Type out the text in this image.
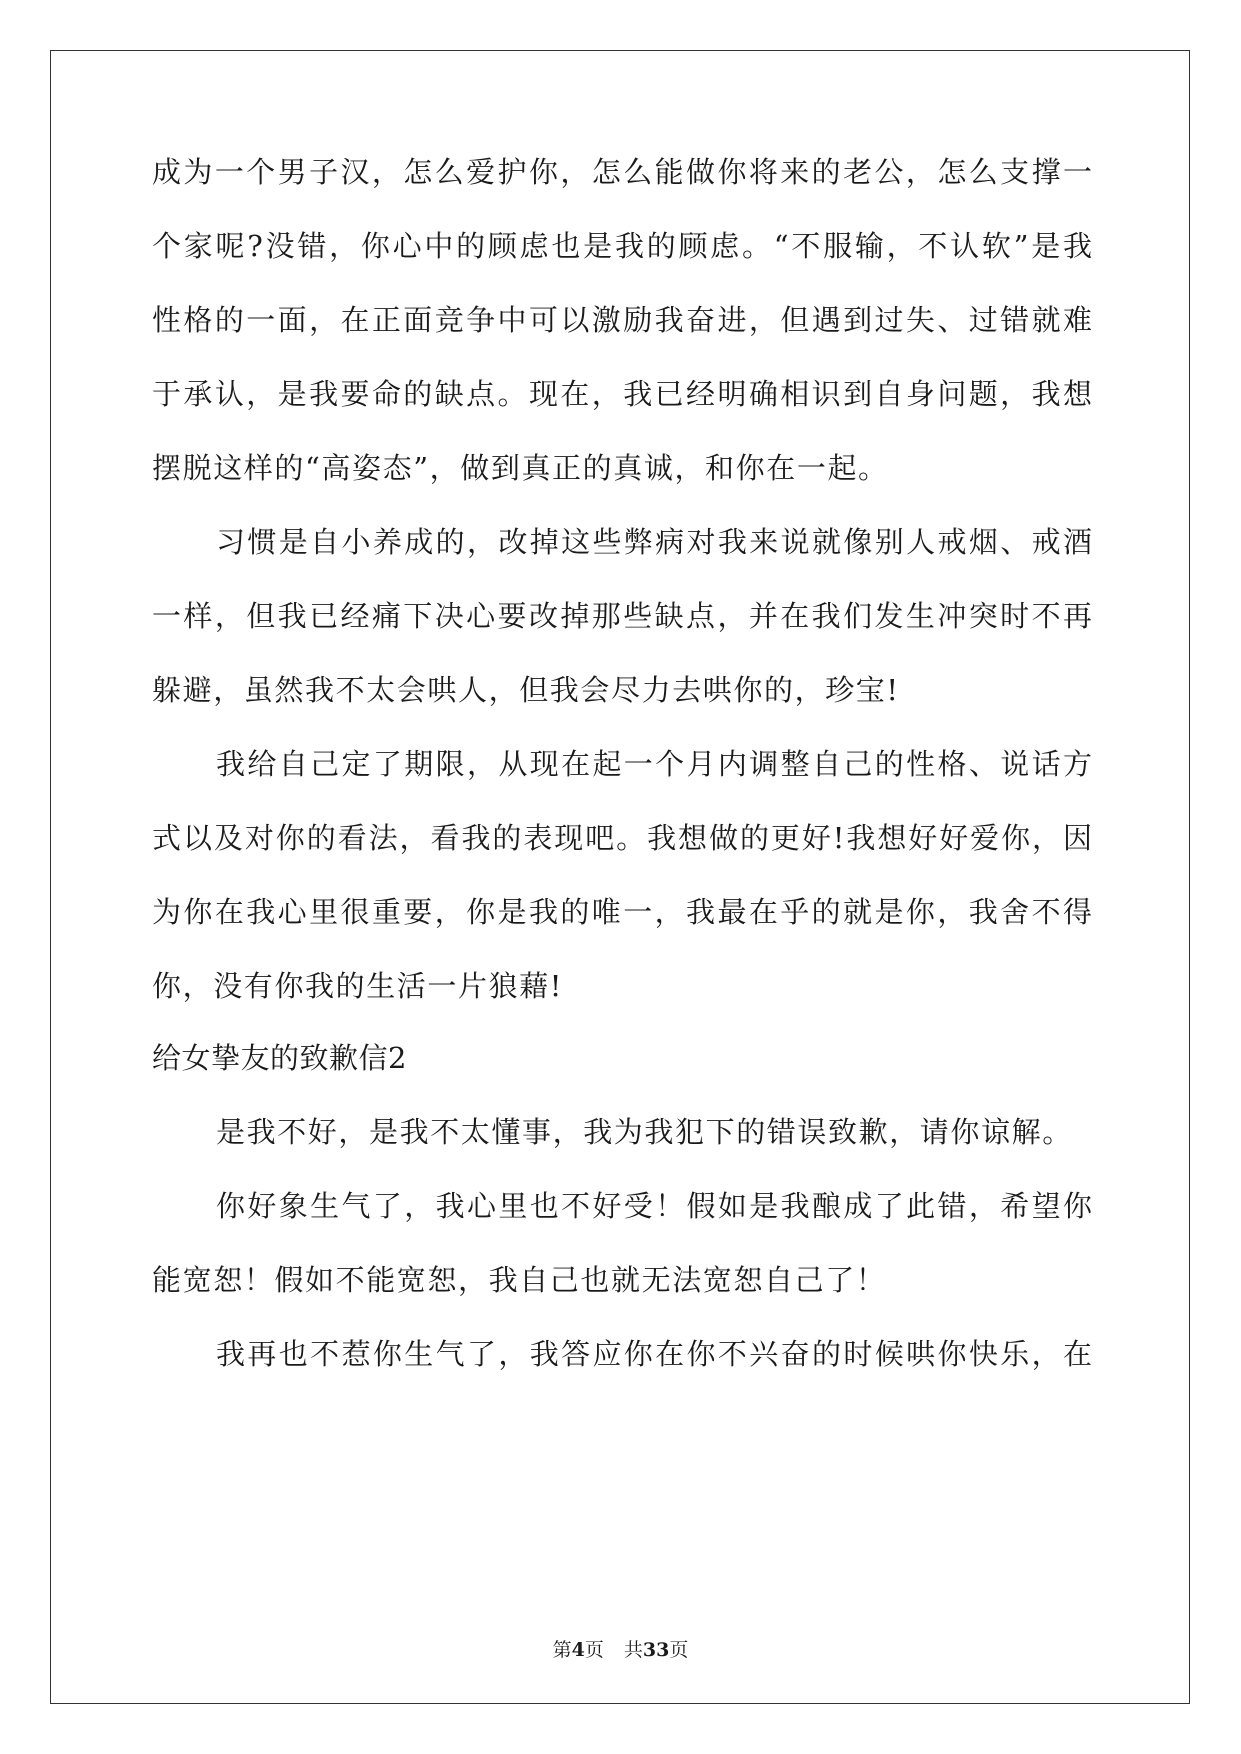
成为一个男子汉，怎么爱护你，怎么能做你将来的老公，怎么支撑一
个家呢?没错，你心中的顾虑也是我的顾虑。“不服输，不认软”是我
性格的一面，在正面竞争中可以激励我奋进，但遇到过失、过错就难
于承认，是我要命的缺点。现在，我已经明确相识到自身问题，我想
摆脱这样的“高姿态”，做到真正的真诚，和你在一起。
习惯是自小养成的，改掉这些弊病对我来说就像别人戒烟、戒酒
一样，但我已经痛下决心要改掉那些缺点，并在我们发生冲突时不再
躲避，虽然我不太会哄人，但我会尽力去哄你的，珍宝!
我给自己定了期限，从现在起一个月内调整自己的性格、说话方
式以及对你的看法，看我的表现吧。我想做的更好!我想好好爱你，因
为你在我心里很重要，你是我的唯一，我最在乎的就是你，我舍不得
你，没有你我的生活一片狼藉!
给女挚友的致歉信2
是我不好，是我不太懂事，我为我犯下的错误致歉，请你谅解。
你好象生气了，我心里也不好受！假如是我酿成了此错，希望你
能宽恕！假如不能宽恕，我自己也就无法宽恕自己了！
我再也不惹你生气了，我答应你在你不兴奋的时候哄你快乐，在
第4页 共33页
